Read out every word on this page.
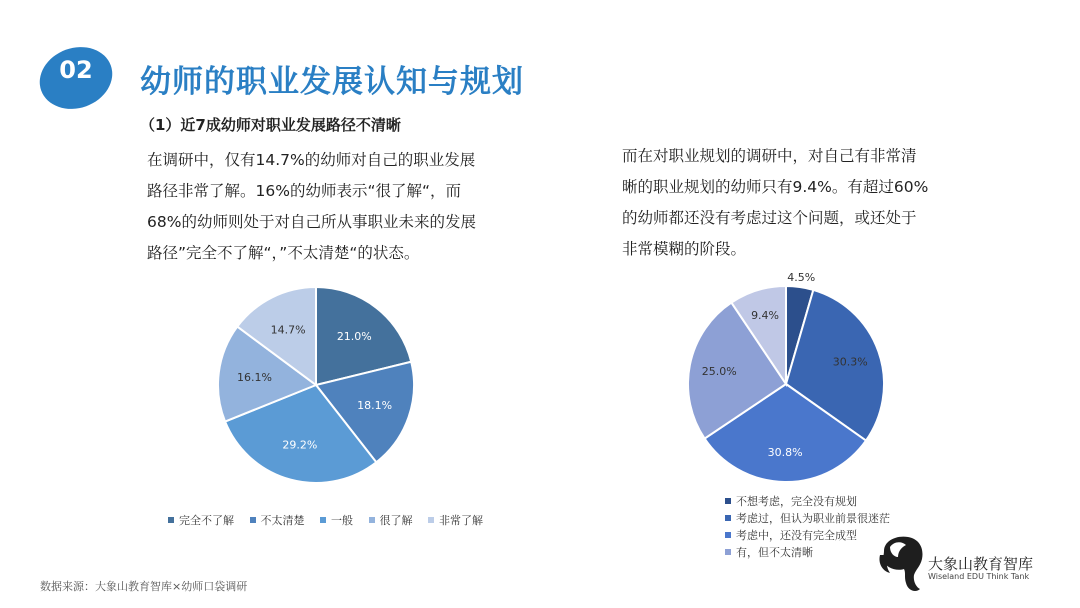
02	幼师的职业发展认知与规划
（1）近7成幼师对职业发展路径不清晰
在调研中，仅有14.7%的幼师对自己的职业发展
路径非常了解。16%的幼师表示“很了解“，而
68%的幼师则处于对自己所从事职业未来的发展
路径”完全不了解“，”不太清楚“的状态。
而在对职业规划的调研中，对自己有非常清
晰的职业规划的幼师只有9.4%。有超过60%
的幼师都还没有考虑过这个问题，或还处于
非常模糊的阶段。
21.0%
18.1%
29.2%
16.1%
14.7%
4.5%
30.3%
30.8%
25.0%
9.4%
完全不了解 不太清楚 一般 很了解 非常了解
不想考虑，完全没有规划
考虑过，但认为职业前景很迷茫
考虑中，还没有完全成型
有，但不太清晰
数据来源：大象山教育智库×幼师口袋调研
大象山教育智库
Wiseland EDU Think Tank
